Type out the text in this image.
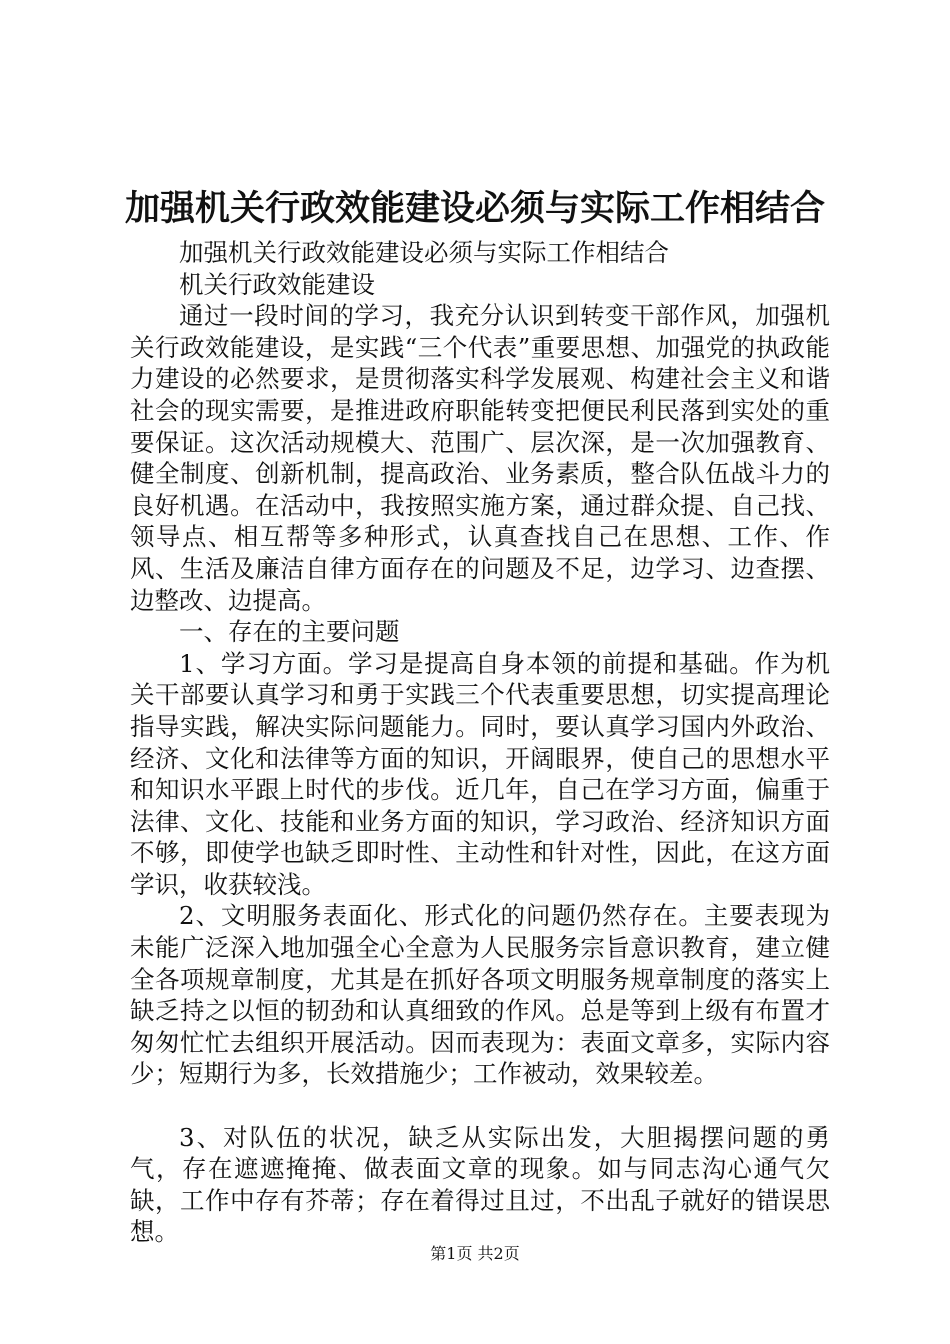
加强机关行政效能建设必须与实际工作相结合

加强机关行政效能建设必须与实际工作相结合

机关行政效能建设

通过一段时间的学习，我充分认识到转变干部作风，加强机关行政效能建设，是实践“三个代表”重要思想、加强党的执政能力建设的必然要求，是贯彻落实科学发展观、构建社会主义和谐社会的现实需要，是推进政府职能转变把便民利民落到实处的重要保证。这次活动规模大、范围广、层次深，是一次加强教育、健全制度、创新机制，提高政治、业务素质，整合队伍战斗力的良好机遇。在活动中，我按照实施方案，通过群众提、自己找、领导点、相互帮等多种形式，认真查找自己在思想、工作、作风、生活及廉洁自律方面存在的问题及不足，边学习、边查摆、边整改、边提高。

一、存在的主要问题

1、学习方面。学习是提高自身本领的前提和基础。作为机关干部要认真学习和勇于实践三个代表重要思想，切实提高理论指导实践，解决实际问题能力。同时，要认真学习国内外政治、经济、文化和法律等方面的知识，开阔眼界，使自己的思想水平和知识水平跟上时代的步伐。近几年，自己在学习方面，偏重于法律、文化、技能和业务方面的知识，学习政治、经济知识方面不够，即使学也缺乏即时性、主动性和针对性，因此，在这方面学识，收获较浅。

2、文明服务表面化、形式化的问题仍然存在。主要表现为未能广泛深入地加强全心全意为人民服务宗旨意识教育，建立健全各项规章制度，尤其是在抓好各项文明服务规章制度的落实上缺乏持之以恒的韧劲和认真细致的作风。总是等到上级有布置才匆匆忙忙去组织开展活动。因而表现为：表面文章多，实际内容少；短期行为多，长效措施少；工作被动，效果较差。

3、对队伍的状况，缺乏从实际出发，大胆揭摆问题的勇气，存在遮遮掩掩、做表面文章的现象。如与同志沟心通气欠缺，工作中存有芥蒂；存在着得过且过，不出乱子就好的错误思想。

第1页 共2页
